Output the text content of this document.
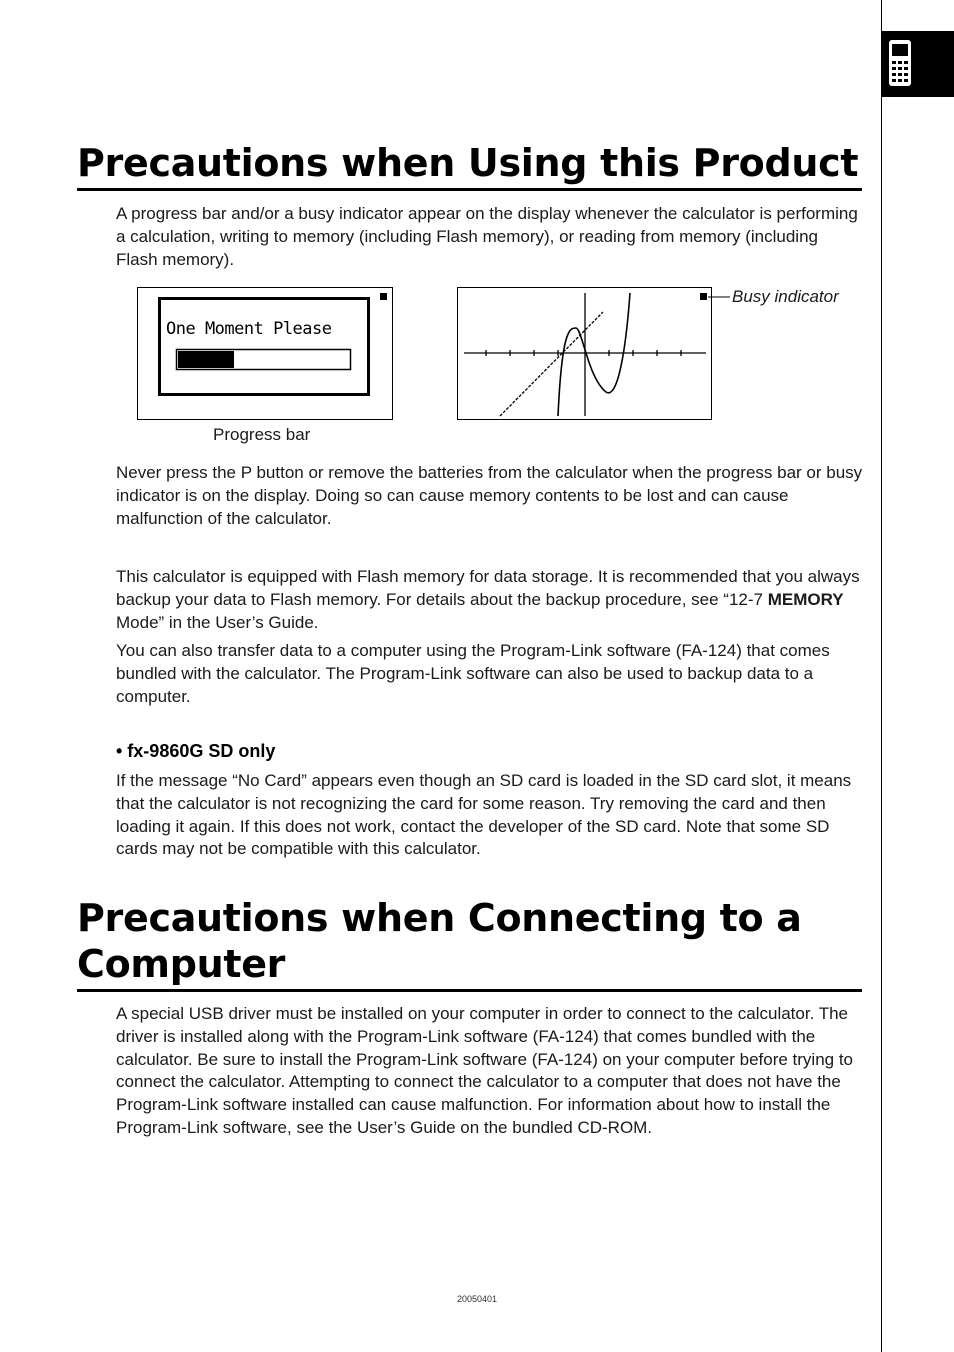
Precautions when Using this Product

A progress bar and/or a busy indicator appear on the display whenever the calculator is performing a calculation, writing to memory (including Flash memory), or reading from memory (including Flash memory).

One Moment Please
Progress bar
Busy indicator

Never press the P button or remove the batteries from the calculator when the progress bar or busy indicator is on the display. Doing so can cause memory contents to be lost and can cause malfunction of the calculator.

This calculator is equipped with Flash memory for data storage. It is recommended that you always backup your data to Flash memory. For details about the backup procedure, see “12-7 MEMORY Mode” in the User’s Guide.

You can also transfer data to a computer using the Program-Link software (FA-124) that comes bundled with the calculator. The Program-Link software can also be used to backup data to a computer.

• fx-9860G SD only

If the message “No Card” appears even though an SD card is loaded in the SD card slot, it means that the calculator is not recognizing the card for some reason. Try removing the card and then loading it again. If this does not work, contact the developer of the SD card. Note that some SD cards may not be compatible with this calculator.

Precautions when Connecting to a
Computer

A special USB driver must be installed on your computer in order to connect to the calculator. The driver is installed along with the Program-Link software (FA-124) that comes bundled with the calculator. Be sure to install the Program-Link software (FA-124) on your computer before trying to connect the calculator. Attempting to connect the calculator to a computer that does not have the Program-Link software installed can cause malfunction. For information about how to install the Program-Link software, see the User’s Guide on the bundled CD-ROM.

20050401
